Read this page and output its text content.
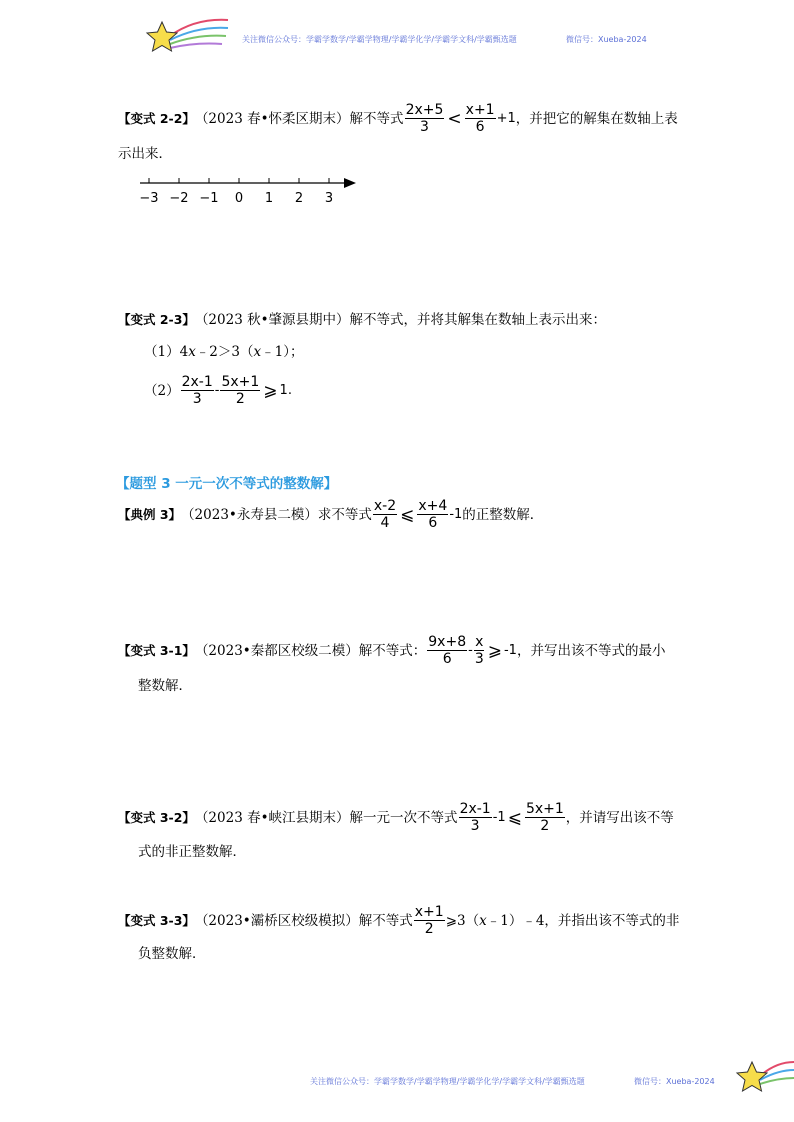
关注微信公众号：学霸学数学/学霸学物理/学霸学化学/学霸学文科/学霸甄选题	微信号：Xueba-2024
【变式 2-2】 （2023 春•怀柔区期末）解不等式 $\frac{2x+5}{3} < \frac{x+1}{6} +1$ ，并把它的解集在数轴上表
示出来．
−3 −2 −1 0 1 2 3
【变式 2-3】 （2023 秋•肇源县期中）解不等式，并将其解集在数轴上表示出来：
（1） 4 x ﹣2＞3（ x ﹣1）；
$(2) \frac{2x-1}{3} - \frac{5x+1}{2}$ ⩾ 1.
【题型 3 一元一次不等式的整数解】
【典例 3】 （2023•永寿县二模）求不等式 $\frac{x-2}{4}$ ⩽ $\frac{x+4}{6} -1$ 的正整数解．
【变式 3-1】 （2023•秦都区校级二模）解不等式： $\frac{9x+8}{6} - \frac{x}{3}$ ⩾ -1 ，并写出该不等式的最小
整数解．
【变式 3-2】 （2023 春•峡江县期末）解一元一次不等式 $\frac{2x-1}{3} -1$ ⩽ $\frac{5x+1}{2}$ ，并请写出该不等
式的非正整数解．
【变式 3-3】 （2023•灞桥区校级模拟）解不等式 $\frac{x+1}{2}$ ⩾3（ x ﹣1）﹣4，并指出该不等式的非
负整数解．
关注微信公众号：学霸学数学/学霸学物理/学霸学化学/学霸学文科/学霸甄选题	微信号：Xueba-2024
